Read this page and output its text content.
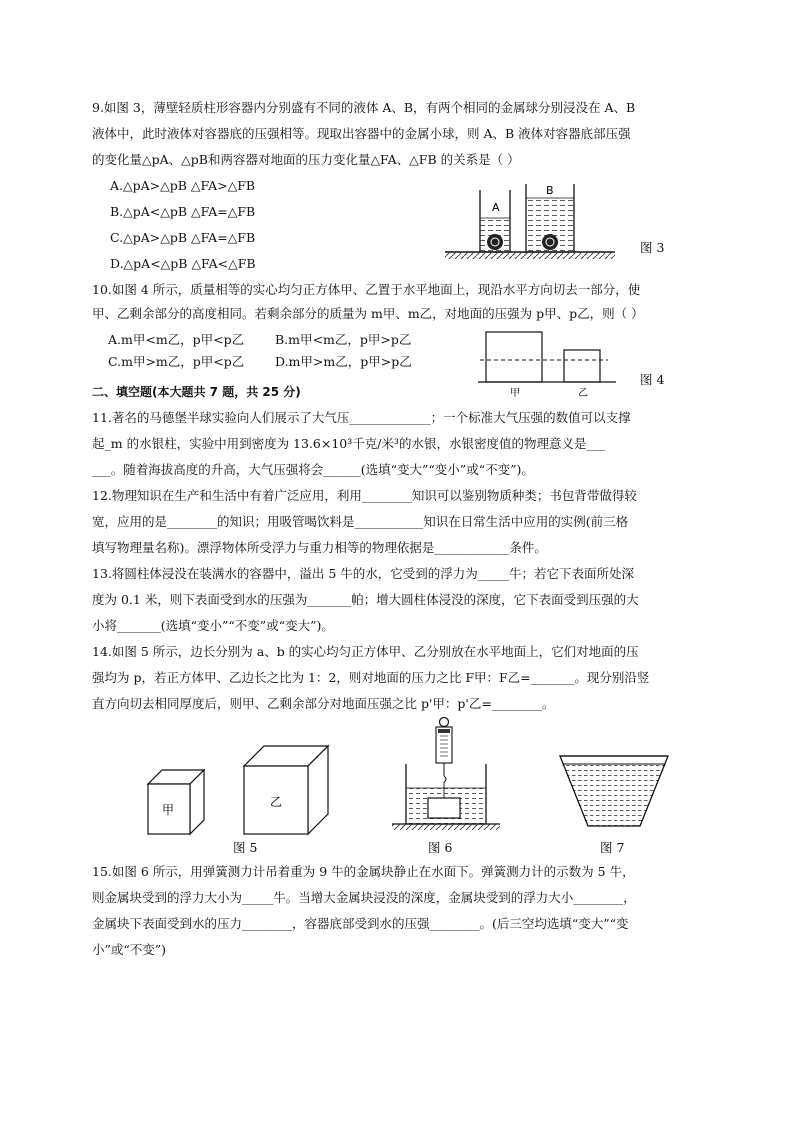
9.如图 3，薄壁轻质柱形容器内分别盛有不同的液体 A、B，有两个相同的金属球分别浸没在 A、B
液体中，此时液体对容器底的压强相等。现取出容器中的金属小球，则 A、B 液体对容器底部压强
的变化量△pA、△pB和两容器对地面的压力变化量△FA、△FB 的关系是（ ）
A.△pA>△pB △FA>△FB
B.△pA<△pB △FA=△FB
C.△pA>△pB △FA=△FB
D.△pA<△pB △FA<△FB
A
B
图 3
10.如图 4 所示，质量相等的实心均匀正方体甲、乙置于水平地面上，现沿水平方向切去一部分，使
甲、乙剩余部分的高度相同。若剩余部分的质量为 m甲、m乙，对地面的压强为 p甲、p乙，则（ ）
A.m甲<m乙，p甲<p乙 B.m甲<m乙，p甲>p乙
C.m甲>m乙，p甲<p乙 D.m甲>m乙，p甲>p乙
甲	乙
图 4
二、填空题(本大题共 7 题，共 25 分)
11.著名的马德堡半球实验向人们展示了大气压_____________；一个标准大气压强的数值可以支撑
起_m 的水银柱，实验中用到密度为 13.6×10³千克/米³的水银，水银密度值的物理意义是___
___。随着海拔高度的升高，大气压强将会______(选填“变大”“变小”或“不变”)。
12.物理知识在生产和生活中有着广泛应用，利用________知识可以鉴别物质种类；书包背带做得较
宽，应用的是________的知识；用吸管喝饮料是___________知识在日常生活中应用的实例(前三格
填写物理量名称)。漂浮物体所受浮力与重力相等的物理依据是____________条件。
13.将圆柱体浸没在装满水的容器中，溢出 5 牛的水，它受到的浮力为_____牛；若它下表面所处深
度为 0.1 米，则下表面受到水的压强为_______帕；增大圆柱体浸没的深度，它下表面受到压强的大
小将_______(选填“变小”“不变”或“变大”)。
14.如图 5 所示，边长分别为 a、b 的实心均匀正方体甲、乙分别放在水平地面上，它们对地面的压
强均为 p，若正方体甲、乙边长之比为 1：2，则对地面的压力之比 F甲：F乙=_______。现分别沿竖
直方向切去相同厚度后，则甲、乙剩余部分对地面压强之比 p'甲：p'乙=________。
甲
乙
图 5	图 6	图 7
15.如图 6 所示，用弹簧测力计吊着重为 9 牛的金属块静止在水面下。弹簧测力计的示数为 5 牛，
则金属块受到的浮力大小为_____牛。当增大金属块浸没的深度，金属块受到的浮力大小________，
金属块下表面受到水的压力________，容器底部受到水的压强________。(后三空均选填“变大”“变
小”或“不变”)
